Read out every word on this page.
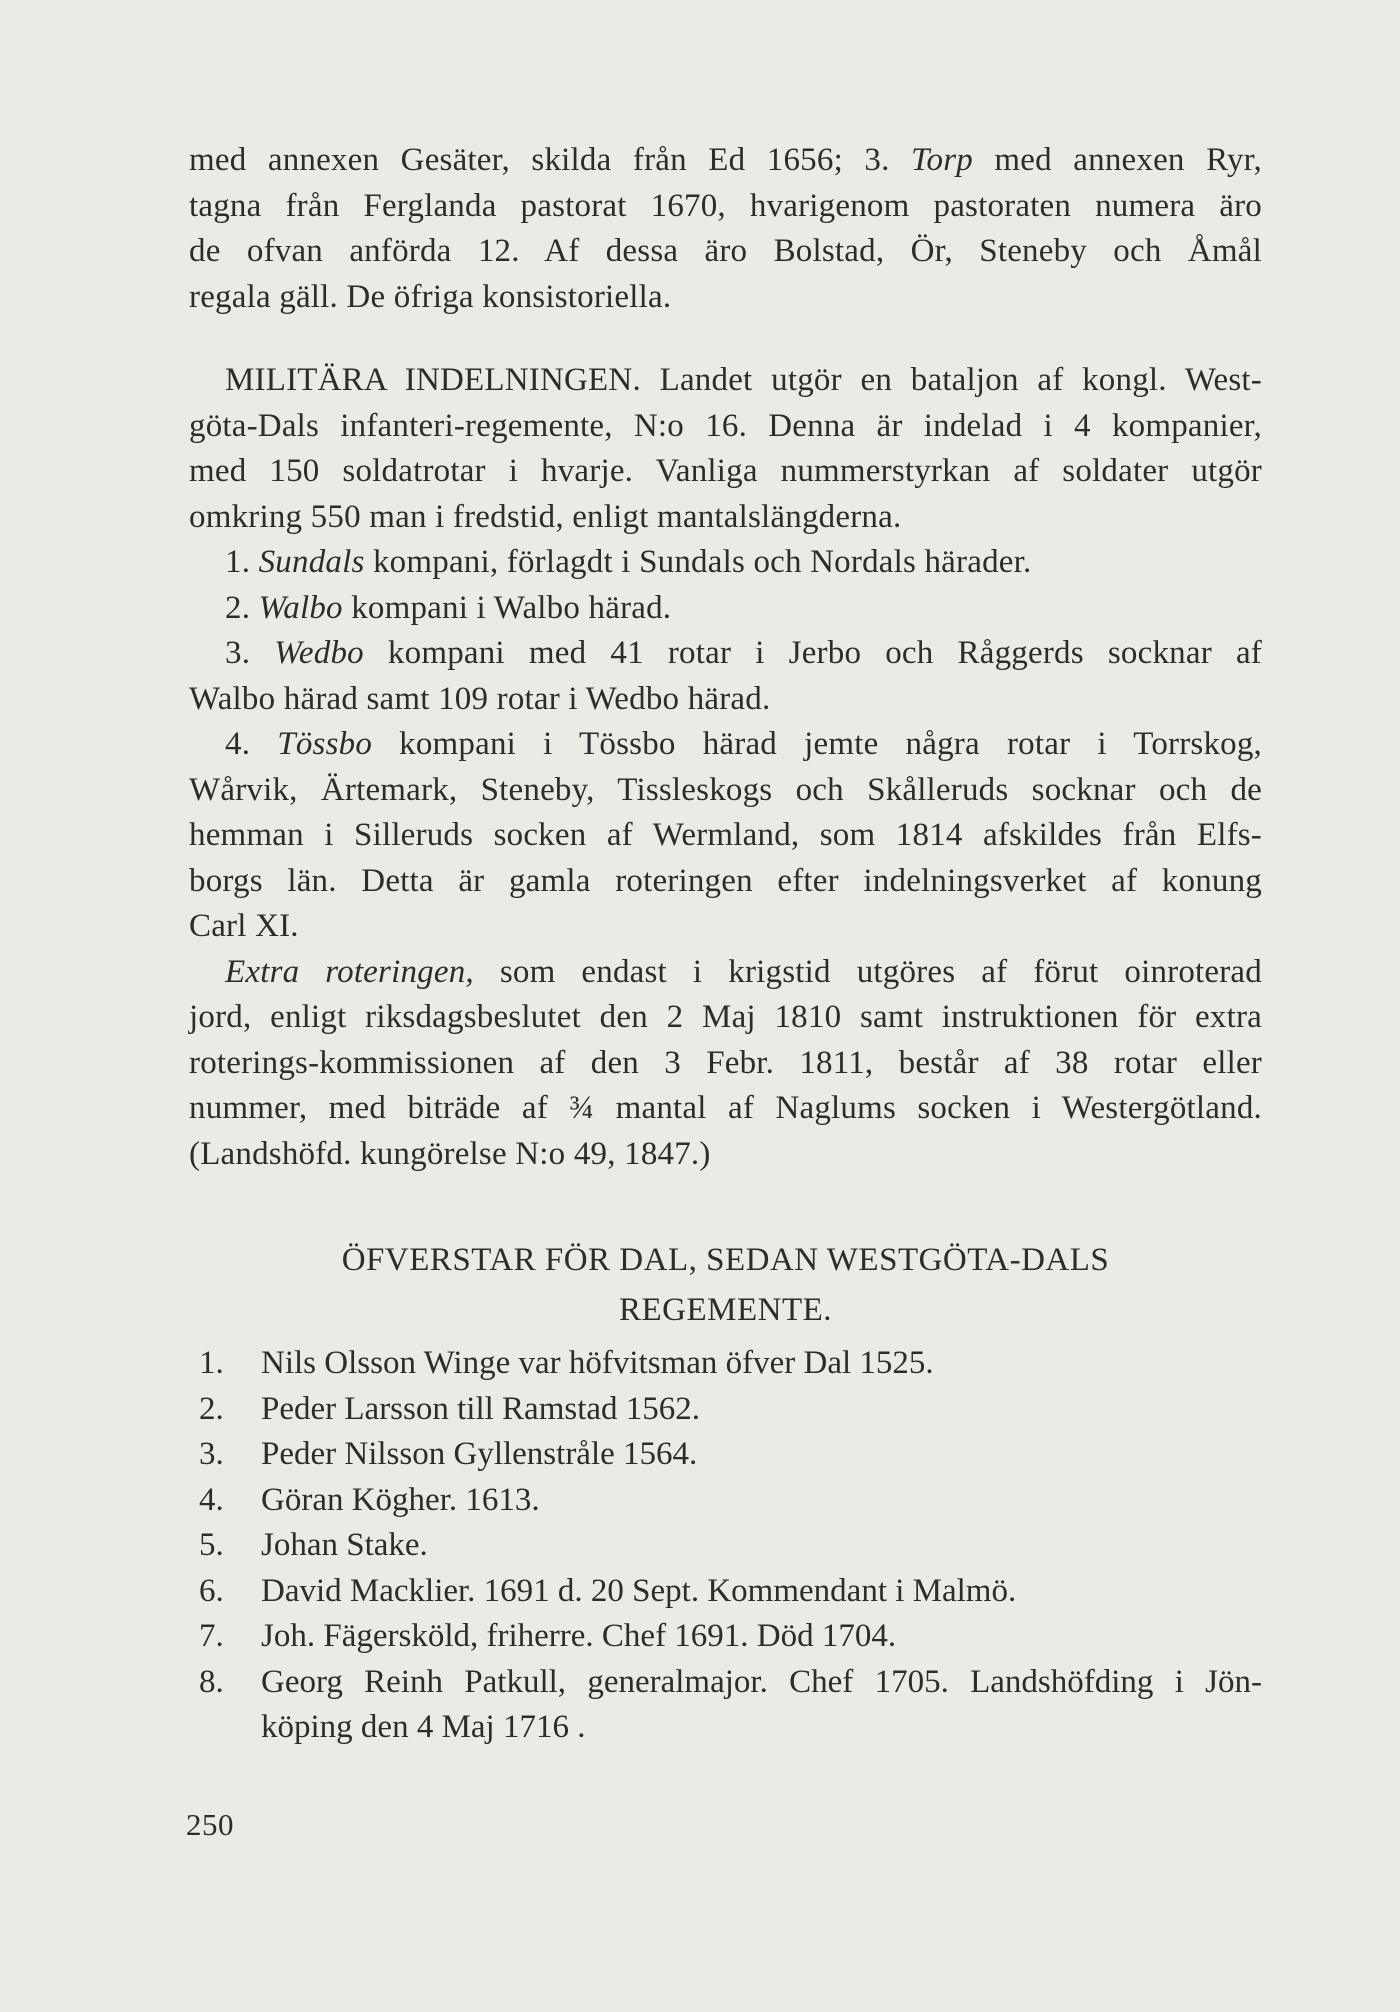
med annexen Gesäter, skilda från Ed 1656; 3. Torp med annexen Ryr,
tagna från Ferglanda pastorat 1670, hvarigenom pastoraten numera äro
de ofvan anförda 12. Af dessa äro Bolstad, Ör, Steneby och Åmål
regala gäll. De öfriga konsistoriella.
MILITÄRA INDELNINGEN. Landet utgör en bataljon af kongl. West-
göta-Dals infanteri-regemente, N:o 16. Denna är indelad i 4 kompanier,
med 150 soldatrotar i hvarje. Vanliga nummerstyrkan af soldater utgör
omkring 550 man i fredstid, enligt mantalslängderna.
1. Sundals kompani, förlagdt i Sundals och Nordals härader.
2. Walbo kompani i Walbo härad.
3. Wedbo kompani med 41 rotar i Jerbo och Råggerds socknar af
Walbo härad samt 109 rotar i Wedbo härad.
4. Tössbo kompani i Tössbo härad jemte några rotar i Torrskog,
Wårvik, Ärtemark, Steneby, Tissleskogs och Skålleruds socknar och de
hemman i Silleruds socken af Wermland, som 1814 afskildes från Elfs-
borgs län. Detta är gamla roteringen efter indelningsverket af konung
Carl XI.
Extra roteringen, som endast i krigstid utgöres af förut oinroterad
jord, enligt riksdagsbeslutet den 2 Maj 1810 samt instruktionen för extra
roterings-kommissionen af den 3 Febr. 1811, består af 38 rotar eller
nummer, med biträde af ¾ mantal af Naglums socken i Westergötland.
(Landshöfd. kungörelse N:o 49, 1847.)
ÖFVERSTAR FÖR DAL, SEDAN WESTGÖTA-DALS
REGEMENTE.
1.	Nils Olsson Winge var höfvitsman öfver Dal 1525.
2.	Peder Larsson till Ramstad 1562.
3.	Peder Nilsson Gyllenstråle 1564.
4.	Göran Kögher. 1613.
5.	Johan Stake.
6.	David Macklier. 1691 d. 20 Sept. Kommendant i Malmö.
7.	Joh. Fägersköld, friherre. Chef 1691. Död 1704.
8.	Georg Reinh Patkull, generalmajor. Chef 1705. Landshöfding i Jön-
köping den 4 Maj 1716 .
250
